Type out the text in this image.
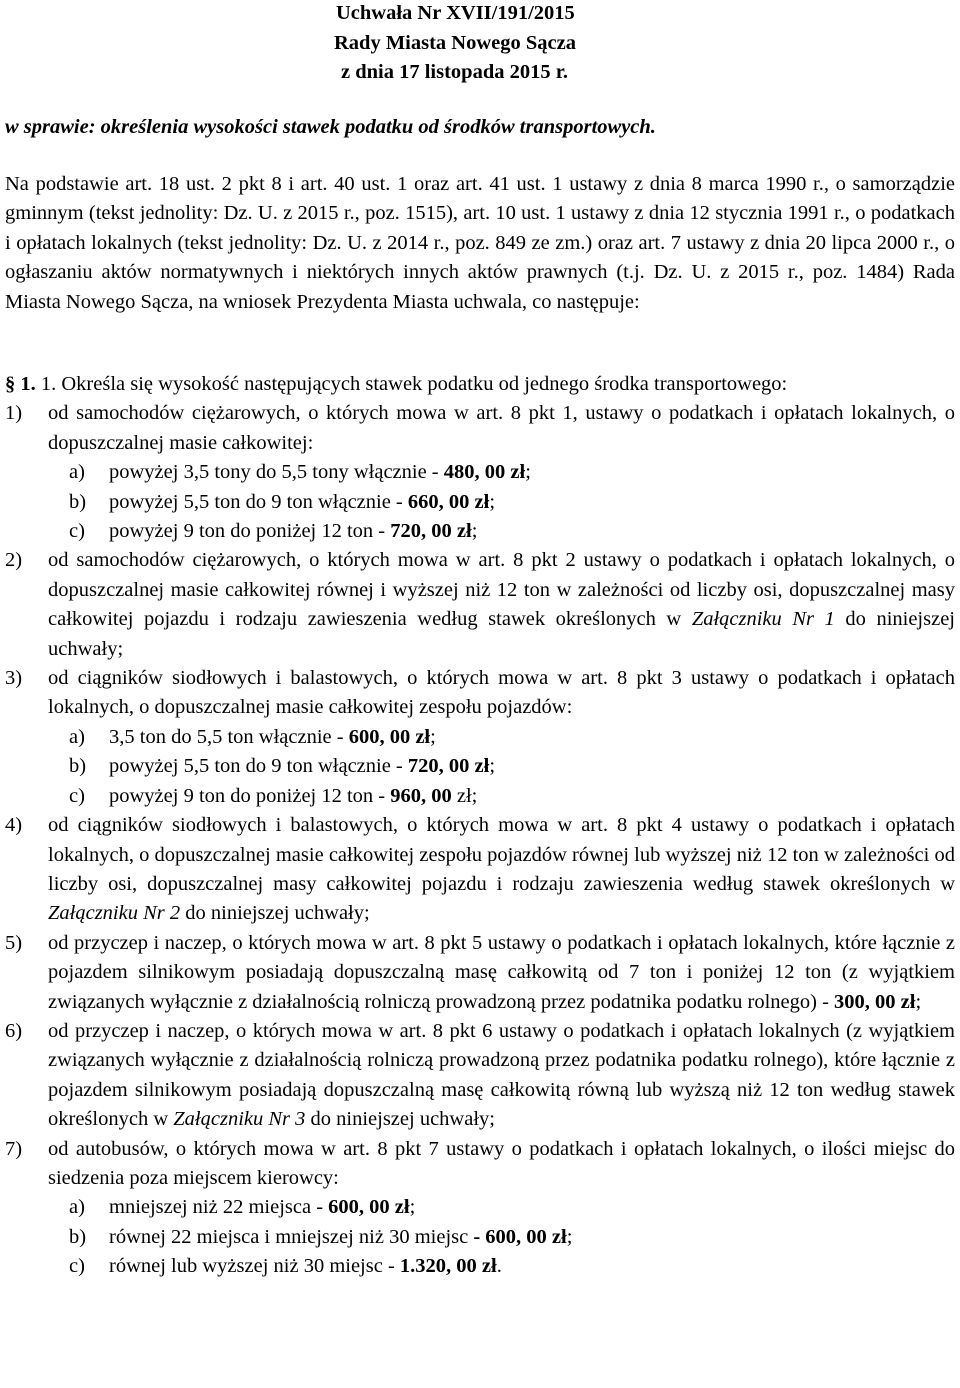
Uchwała Nr XVII/191/2015
Rady Miasta Nowego Sącza
z dnia 17 listopada 2015 r.
w sprawie: określenia wysokości stawek podatku od środków transportowych.
Na podstawie art. 18 ust. 2 pkt 8 i art. 40 ust. 1 oraz art. 41 ust. 1 ustawy z dnia 8 marca 1990 r., o samorządzie gminnym (tekst jednolity: Dz. U. z 2015 r., poz. 1515), art. 10 ust. 1 ustawy z dnia 12 stycznia 1991 r., o podatkach i opłatach lokalnych (tekst jednolity: Dz. U. z 2014 r., poz. 849 ze zm.) oraz art. 7 ustawy z dnia 20 lipca 2000 r., o ogłaszaniu aktów normatywnych i niektórych innych aktów prawnych (t.j. Dz. U. z 2015 r., poz. 1484) Rada Miasta Nowego Sącza, na wniosek Prezydenta Miasta uchwala, co następuje:
§ 1. 1. Określa się wysokość następujących stawek podatku od jednego środka transportowego:
1) od samochodów ciężarowych, o których mowa w art. 8 pkt 1, ustawy o podatkach i opłatach lokalnych, o dopuszczalnej masie całkowitej:
a) powyżej 3,5 tony do 5,5 tony włącznie - 480, 00 zł;
b) powyżej 5,5 ton do 9 ton włącznie - 660, 00 zł;
c) powyżej 9 ton do poniżej 12 ton - 720, 00 zł;
2) od samochodów ciężarowych, o których mowa w art. 8 pkt 2 ustawy o podatkach i opłatach lokalnych, o dopuszczalnej masie całkowitej równej i wyższej niż 12 ton w zależności od liczby osi, dopuszczalnej masy całkowitej pojazdu i rodzaju zawieszenia według stawek określonych w Załączniku Nr 1 do niniejszej uchwały;
3) od ciągników siodłowych i balastowych, o których mowa w art. 8 pkt 3 ustawy o podatkach i opłatach lokalnych, o dopuszczalnej masie całkowitej zespołu pojazdów:
a) 3,5 ton do 5,5 ton włącznie - 600, 00 zł;
b) powyżej 5,5 ton do 9 ton włącznie - 720, 00 zł;
c) powyżej 9 ton do poniżej 12 ton - 960, 00 zł;
4) od ciągników siodłowych i balastowych, o których mowa w art. 8 pkt 4 ustawy o podatkach i opłatach lokalnych, o dopuszczalnej masie całkowitej zespołu pojazdów równej lub wyższej niż 12 ton w zależności od liczby osi, dopuszczalnej masy całkowitej pojazdu i rodzaju zawieszenia według stawek określonych w Załączniku Nr 2 do niniejszej uchwały;
5) od przyczep i naczep, o których mowa w art. 8 pkt 5 ustawy o podatkach i opłatach lokalnych, które łącznie z pojazdem silnikowym posiadają dopuszczalną masę całkowitą od 7 ton i poniżej 12 ton (z wyjątkiem związanych wyłącznie z działalnością rolniczą prowadzoną przez podatnika podatku rolnego) - 300, 00 zł;
6) od przyczep i naczep, o których mowa w art. 8 pkt 6 ustawy o podatkach i opłatach lokalnych (z wyjątkiem związanych wyłącznie z działalnością rolniczą prowadzoną przez podatnika podatku rolnego), które łącznie z pojazdem silnikowym posiadają dopuszczalną masę całkowitą równą lub wyższą niż 12 ton według stawek określonych w Załączniku Nr 3 do niniejszej uchwały;
7) od autobusów, o których mowa w art. 8 pkt 7 ustawy o podatkach i opłatach lokalnych, o ilości miejsc do siedzenia poza miejscem kierowcy:
a) mniejszej niż 22 miejsca - 600, 00 zł;
b) równej 22 miejsca i mniejszej niż 30 miejsc - 600, 00 zł;
c) równej lub wyższej niż 30 miejsc - 1.320, 00 zł.
